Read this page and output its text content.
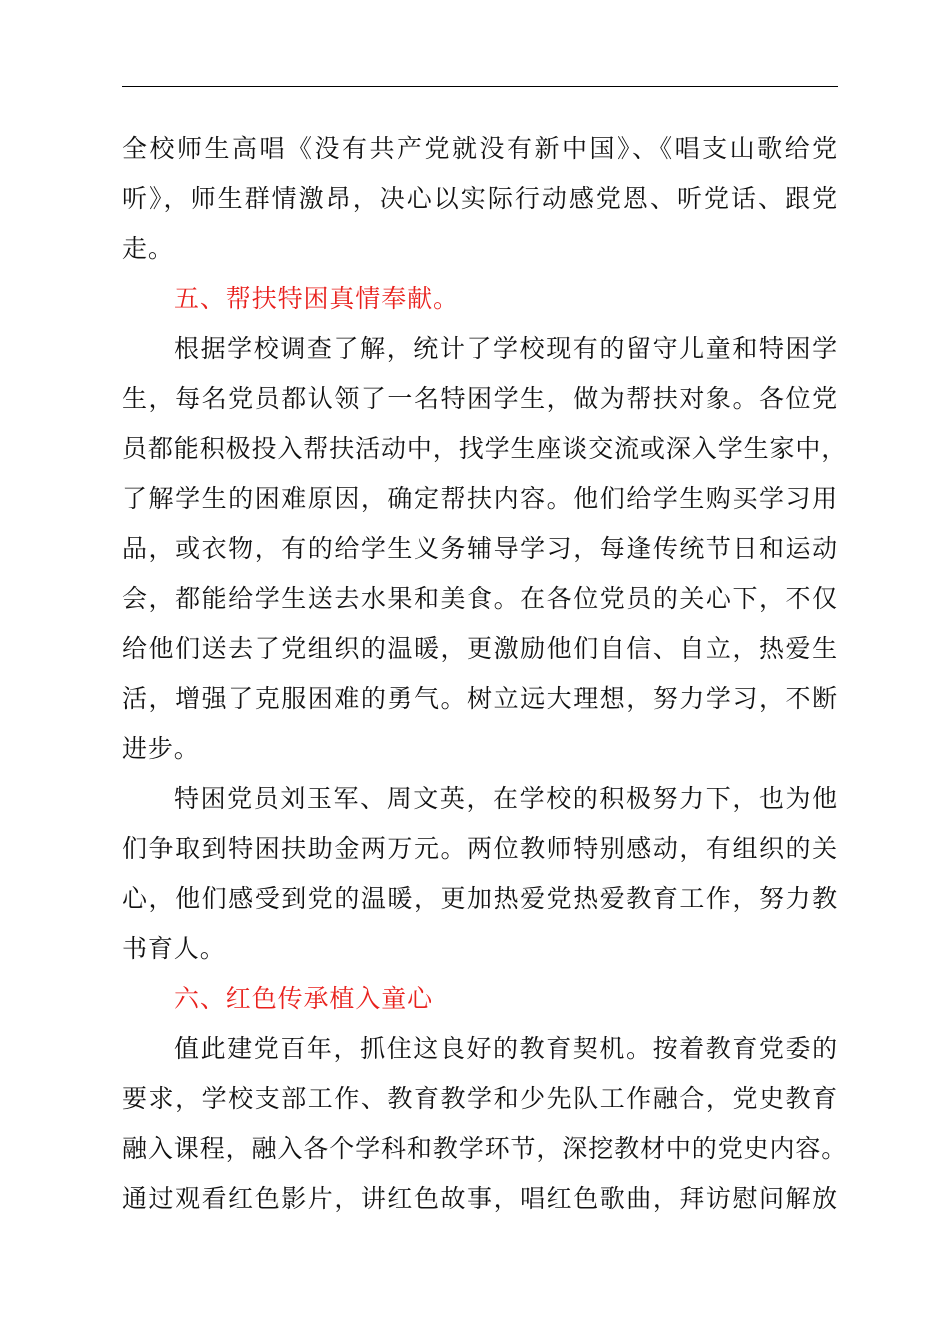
全校师生高唱《没有共产党就没有新中国》、《唱支山歌给党
听》，师生群情激昂，决心以实际行动感党恩、听党话、跟党
走。
五、帮扶特困真情奉献。
根据学校调查了解，统计了学校现有的留守儿童和特困学
生，每名党员都认领了一名特困学生，做为帮扶对象。各位党
员都能积极投入帮扶活动中，找学生座谈交流或深入学生家中，
了解学生的困难原因，确定帮扶内容。他们给学生购买学习用
品，或衣物，有的给学生义务辅导学习，每逢传统节日和运动
会，都能给学生送去水果和美食。在各位党员的关心下，不仅
给他们送去了党组织的温暖，更激励他们自信、自立，热爱生
活，增强了克服困难的勇气。树立远大理想，努力学习，不断
进步。
特困党员刘玉军、周文英，在学校的积极努力下，也为他
们争取到特困扶助金两万元。两位教师特别感动，有组织的关
心，他们感受到党的温暖，更加热爱党热爱教育工作，努力教
书育人。
六、红色传承植入童心
值此建党百年，抓住这良好的教育契机。按着教育党委的
要求，学校支部工作、教育教学和少先队工作融合，党史教育
融入课程，融入各个学科和教学环节，深挖教材中的党史内容。
通过观看红色影片，讲红色故事，唱红色歌曲，拜访慰问解放
